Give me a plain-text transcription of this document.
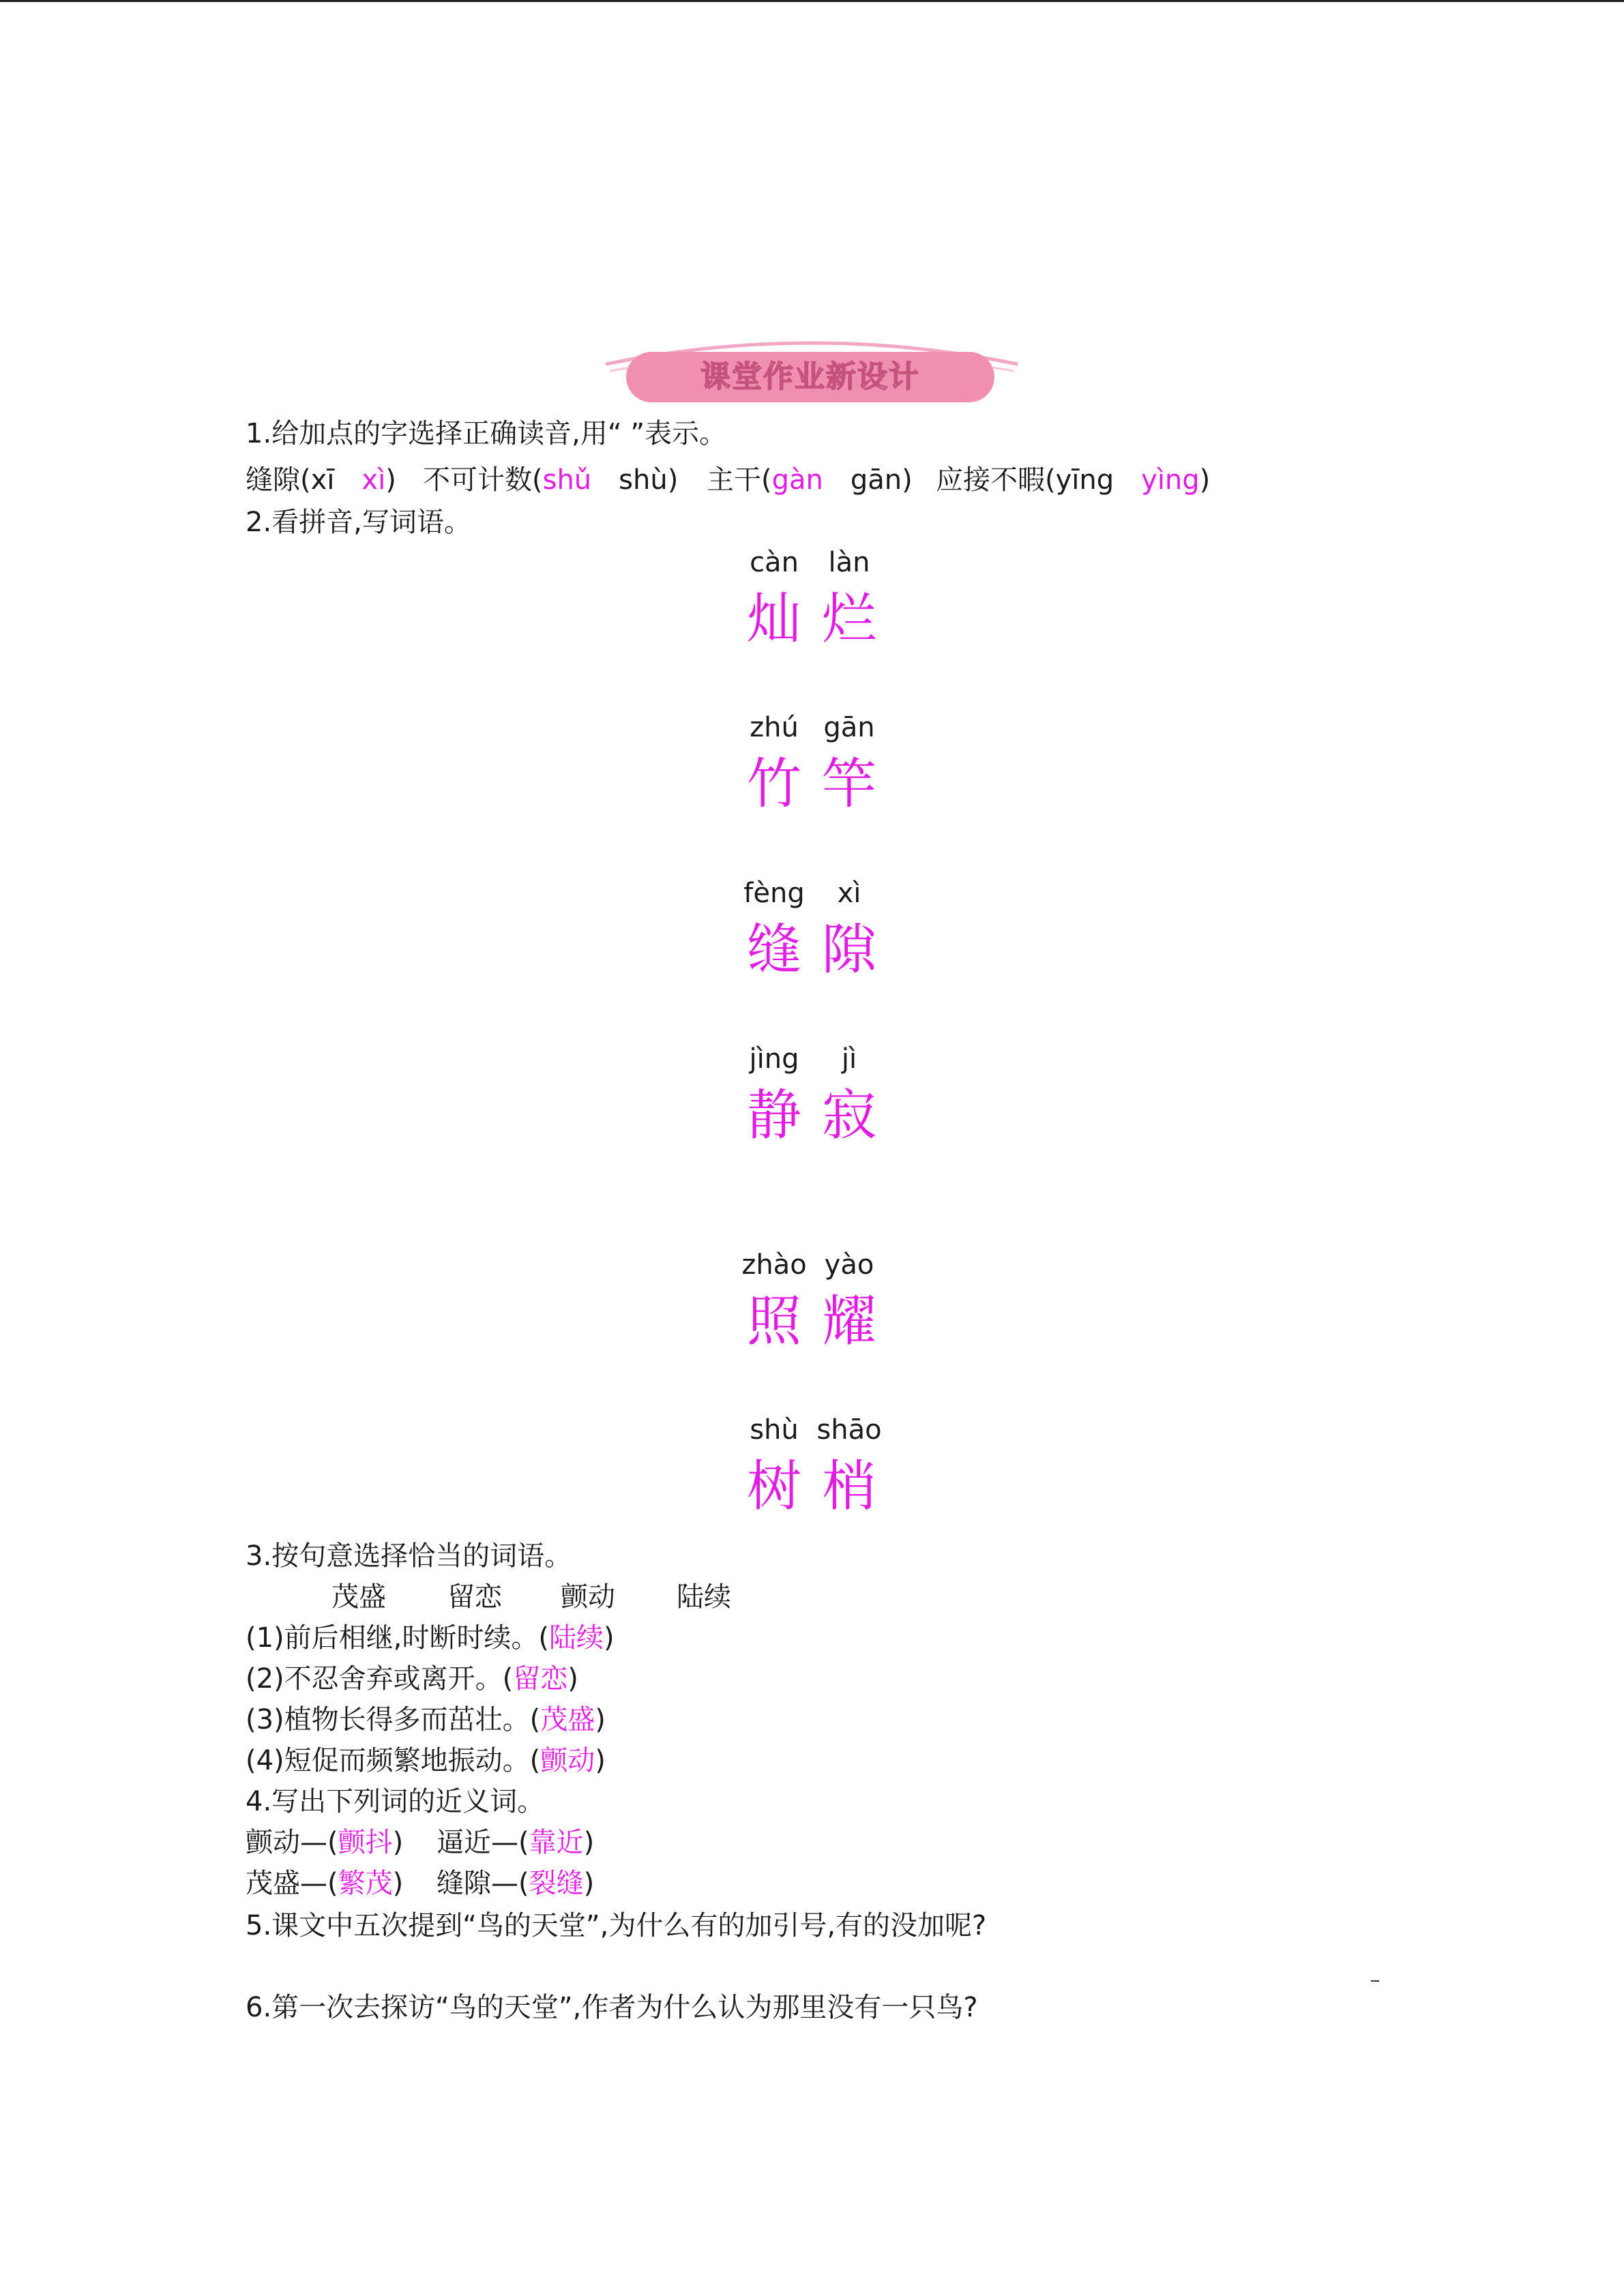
课堂作业新设计
1.给加点的字选择正确读音,用“ ”表示。
缝隙(xī xì) 不可计数(shǔ shù) 主干(gàn gān) 应接不暇(yīng yìng)
2.看拼音,写词语。
càn	làn
灿 烂
zhú gān
竹 竿
fèng	xì
缝 隙
jìng	jì
静 寂
zhào yào
照 耀
shù shāo
树 梢
3.按句意选择恰当的词语。
茂盛 留恋 颤动 陆续
(1)前后相继,时断时续。(陆续)
(2)不忍舍弃或离开。(留恋)
(3)植物长得多而茁壮。(茂盛)
(4)短促而频繁地振动。(颤动)
4.写出下列词的近义词。
颤动—(颤抖) 逼近—(靠近)
茂盛—(繁茂) 缝隙—(裂缝)
5.课文中五次提到“鸟的天堂”,为什么有的加引号,有的没加呢?
6.第一次去探访“鸟的天堂”,作者为什么认为那里没有一只鸟?
